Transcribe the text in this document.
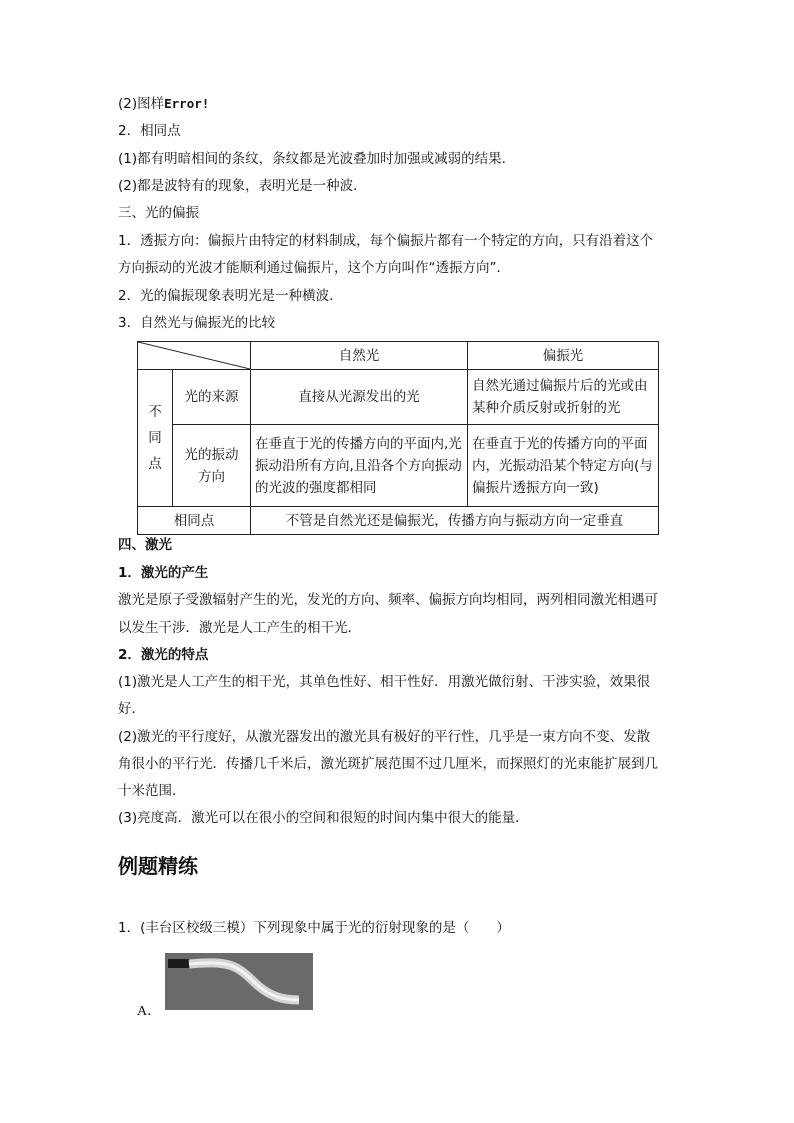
(2)图样Error!
2．相同点
(1)都有明暗相间的条纹，条纹都是光波叠加时加强或减弱的结果．
(2)都是波特有的现象，表明光是一种波．
三、光的偏振
1．透振方向：偏振片由特定的材料制成，每个偏振片都有一个特定的方向，只有沿着这个
方向振动的光波才能顺利通过偏振片，这个方向叫作“透振方向”．
2．光的偏振现象表明光是一种横波．
3．自然光与偏振光的比较
	自然光	偏振光
不同点	光的来源	直接从光源发出的光	自然光通过偏振片后的光或由某种介质反射或折射的光
	光的振动方向	在垂直于光的传播方向的平面内,光振动沿所有方向,且沿各个方向振动的光波的强度都相同	在垂直于光的传播方向的平面内，光振动沿某个特定方向(与偏振片透振方向一致)
相同点		不管是自然光还是偏振光，传播方向与振动方向一定垂直	
四、激光
1．激光的产生
激光是原子受激辐射产生的光，发光的方向、频率、偏振方向均相同，两列相同激光相遇可
以发生干涉．激光是人工产生的相干光．
2．激光的特点
(1)激光是人工产生的相干光，其单色性好、相干性好．用激光做衍射、干涉实验，效果很
好．
(2)激光的平行度好，从激光器发出的激光具有极好的平行性，几乎是一束方向不变、发散
角很小的平行光．传播几千米后，激光斑扩展范围不过几厘米，而探照灯的光束能扩展到几
十米范围．
(3)亮度高．激光可以在很小的空间和很短的时间内集中很大的能量．
例题精练
1．(丰台区校级三模）下列现象中属于光的衍射现象的是（　　）
A．
